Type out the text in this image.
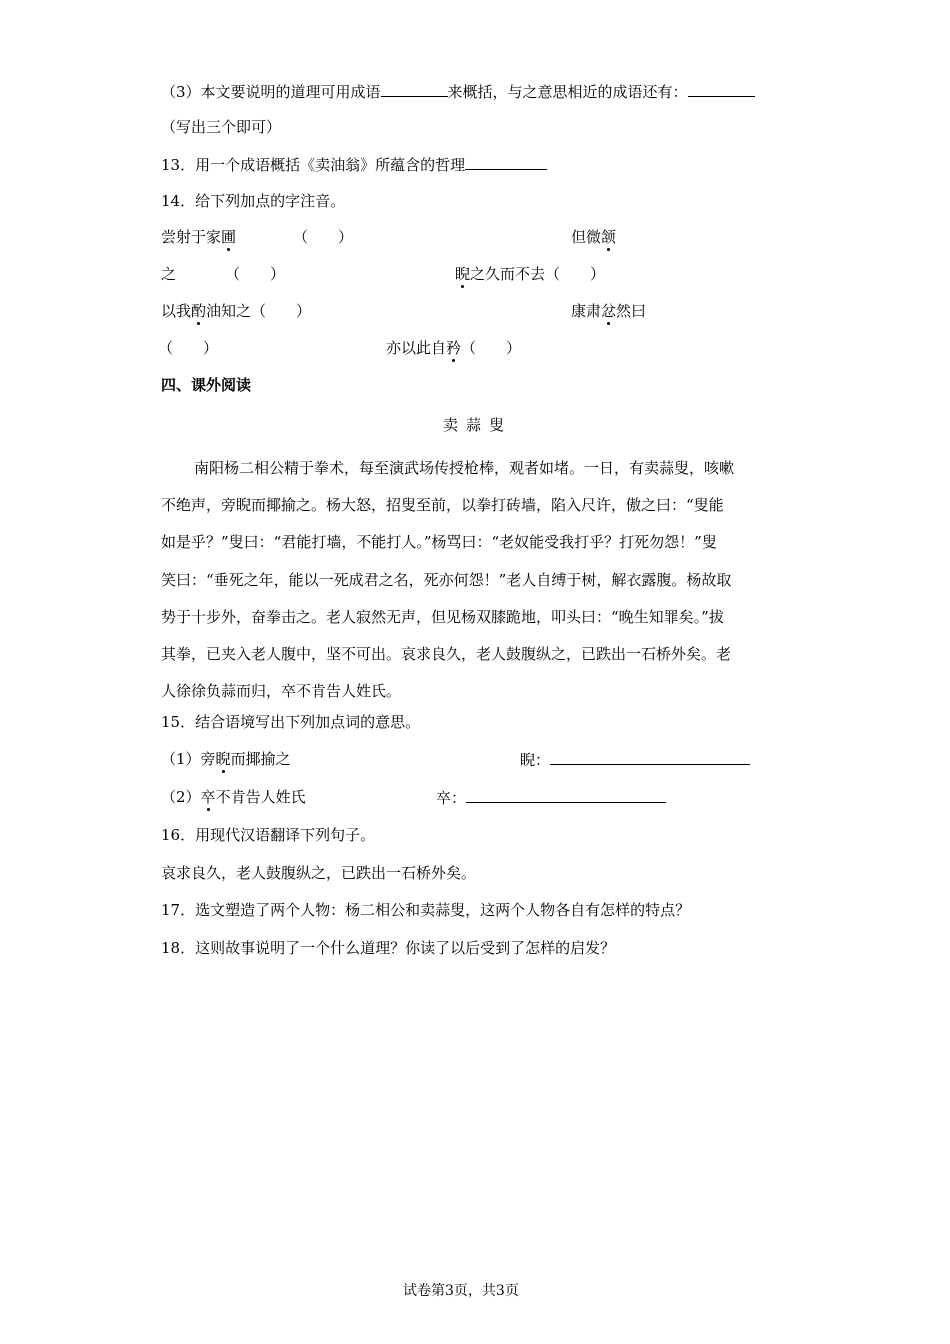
（3）本文要说明的道理可用成语	来概括，与之意思相近的成语还有：
（写出三个即可）
13．用一个成语概括《卖油翁》所蕴含的哲理
14．给下列加点的字注音。
尝射于家圃	（　　）	但微颔
之	（　　）	睨之久而不去（　　）
以我酌油知之（　　）	康肃忿然曰
（　　）	亦以此自矜（　　）
四、课外阅读
卖蒜叟
南阳杨二相公精于拳术，每至演武场传授枪棒，观者如堵。一日，有卖蒜叟，咳嗽
不绝声，旁睨而揶揄之。杨大怒，招叟至前，以拳打砖墙，陷入尺许，傲之曰：“叟能
如是乎？”叟曰：“君能打墙，不能打人。”杨骂曰：“老奴能受我打乎？打死勿怨！”叟
笑曰：“垂死之年，能以一死成君之名，死亦何怨！”老人自缚于树，解衣露腹。杨故取
势于十步外，奋拳击之。老人寂然无声，但见杨双膝跪地，叩头曰：“晚生知罪矣。”拔
其拳，已夹入老人腹中，坚不可出。哀求良久，老人鼓腹纵之，已跌出一石桥外矣。老
人徐徐负蒜而归，卒不肯告人姓氏。
15．结合语境写出下列加点词的意思。
（1）旁睨而揶揄之	睨：
（2）卒不肯告人姓氏	卒：
16．用现代汉语翻译下列句子。
哀求良久，老人鼓腹纵之，已跌出一石桥外矣。
17．选文塑造了两个人物：杨二相公和卖蒜叟，这两个人物各自有怎样的特点？
18．这则故事说明了一个什么道理？你读了以后受到了怎样的启发？
试卷第3页，共3页
